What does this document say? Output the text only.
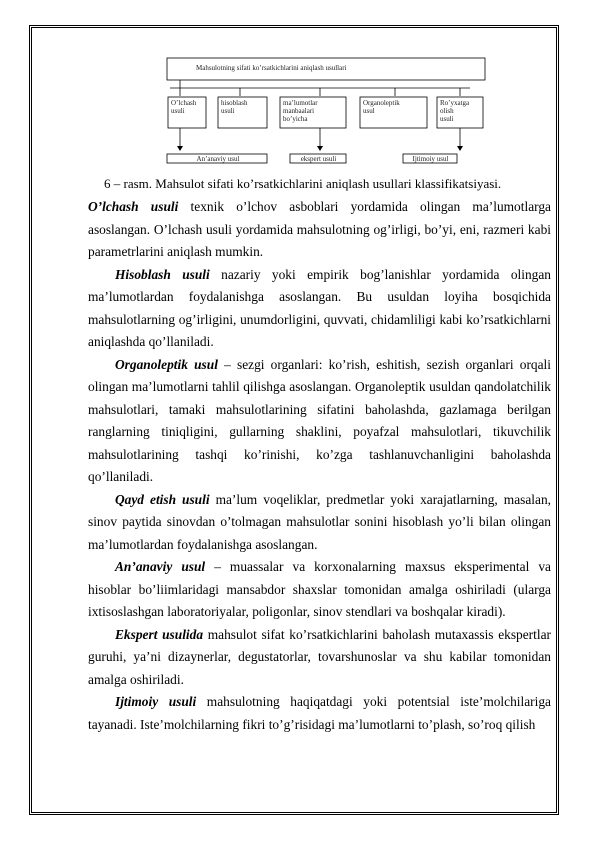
Mahsulotning sifati ko’rsatkichlarini aniqlash usullari
O’lchash
usuli
hisoblash
usuli
ma’lumotlar
manbaalari
bo’yicha
Organoleptik
usul
Ro’yxatga
olish
usuli
An’anaviy usul	ekspert usuli	Ijtimoiy usul
6 – rasm. Mahsulot sifati ko’rsatkichlarini aniqlash usullari klassifikatsiyasi.

O’lchash usuli texnik o’lchov asboblari yordamida olingan ma’lumotlarga asoslangan. O’lchash usuli yordamida mahsulotning og’irligi, bo’yi, eni, razmeri kabi parametrlarini aniqlash mumkin.

Hisoblash usuli nazariy yoki empirik bog’lanishlar yordamida olingan ma’lumotlardan foydalanishga asoslangan. Bu usuldan loyiha bosqichida mahsulotlarning og’irligini, unumdorligini, quvvati, chidamliligi kabi ko’rsatkichlarni aniqlashda qo’llaniladi.

Organoleptik usul – sezgi organlari: ko’rish, eshitish, sezish organlari orqali olingan ma’lumotlarni tahlil qilishga asoslangan. Organoleptik usuldan qandolatchilik mahsulotlari, tamaki mahsulotlarining sifatini baholashda, gazlamaga berilgan ranglarning tiniqligini, gullarning shaklini, poyafzal mahsulotlari, tikuvchilik mahsulotlarining tashqi ko’rinishi, ko’zga tashlanuvchanligini baholashda qo’llaniladi.

Qayd etish usuli ma’lum voqeliklar, predmetlar yoki xarajatlarning, masalan, sinov paytida sinovdan o’tolmagan mahsulotlar sonini hisoblash yo’li bilan olingan ma’lumotlardan foydalanishga asoslangan.

An’anaviy usul – muassalar va korxonalarning maxsus eksperimental va hisoblar bo’liimlaridagi mansabdor shaxslar tomonidan amalga oshiriladi (ularga ixtisoslashgan laboratoriyalar, poligonlar, sinov stendlari va boshqalar kiradi).

Ekspert usulida mahsulot sifat ko’rsatkichlarini baholash mutaxassis ekspertlar guruhi, ya’ni dizaynerlar, degustatorlar, tovarshunoslar va shu kabilar tomonidan amalga oshiriladi.

Ijtimoiy usuli mahsulotning haqiqatdagi yoki potentsial iste’molchilariga tayanadi. Iste’molchilarning fikri to’g’risidagi ma’lumotlarni to’plash, so’roq qilish
